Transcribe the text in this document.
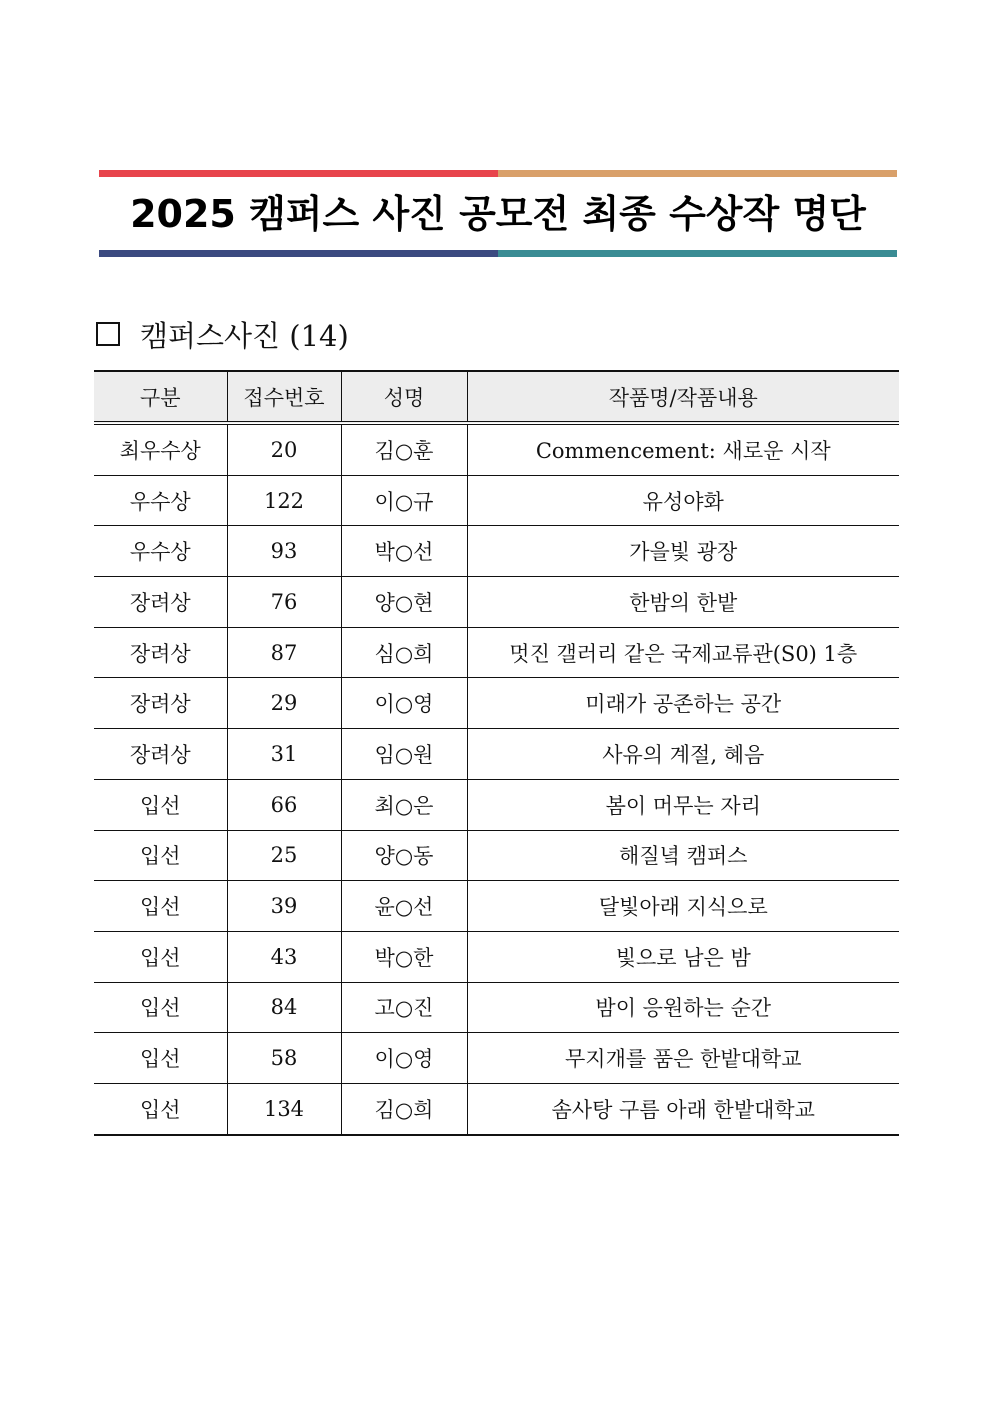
2025 캠퍼스 사진 공모전 최종 수상작 명단
캠퍼스사진 (14)
구분	접수번호	성명	작품명/작품내용
최우수상	20	김○훈	Commencement: 새로운 시작
우수상	122	이○규	유성야화
우수상	93	박○선	가을빛 광장
장려상	76	양○현	한밤의 한밭
장려상	87	심○희	멋진 갤러리 같은 국제교류관(S0) 1층
장려상	29	이○영	미래가 공존하는 공간
장려상	31	임○원	사유의 계절, 혜음
입선	66	최○은	봄이 머무는 자리
입선	25	양○동	해질녘 캠퍼스
입선	39	윤○선	달빛아래 지식으로
입선	43	박○한	빛으로 남은 밤
입선	84	고○진	밤이 응원하는 순간
입선	58	이○영	무지개를 품은 한밭대학교
입선	134	김○희	솜사탕 구름 아래 한밭대학교
